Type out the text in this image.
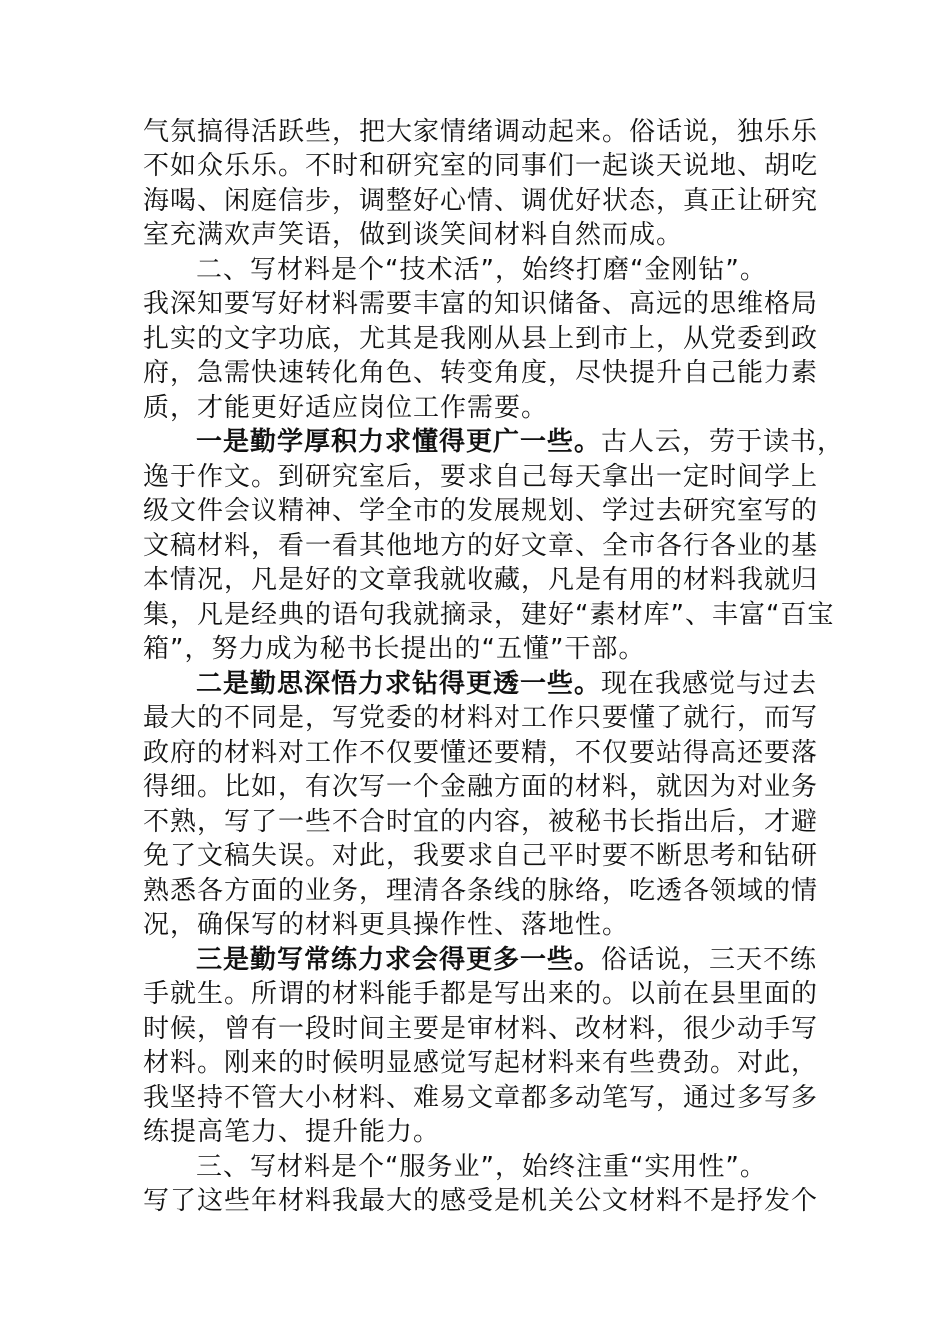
气氛搞得活跃些，把大家情绪调动起来。俗话说，独乐乐
不如众乐乐。不时和研究室的同事们一起谈天说地、胡吃
海喝、闲庭信步，调整好心情、调优好状态，真正让研究
室充满欢声笑语，做到谈笑间材料自然而成。
二、写材料是个“技术活”，始终打磨“金刚钻”。
我深知要写好材料需要丰富的知识储备、高远的思维格局
扎实的文字功底，尤其是我刚从县上到市上，从党委到政
府，急需快速转化角色、转变角度，尽快提升自己能力素
质，才能更好适应岗位工作需要。
一是勤学厚积力求懂得更广一些。古人云，劳于读书，
逸于作文。到研究室后，要求自己每天拿出一定时间学上
级文件会议精神、学全市的发展规划、学过去研究室写的
文稿材料，看一看其他地方的好文章、全市各行各业的基
本情况，凡是好的文章我就收藏，凡是有用的材料我就归
集，凡是经典的语句我就摘录，建好“素材库”、丰富“百宝
箱”，努力成为秘书长提出的“五懂”干部。
二是勤思深悟力求钻得更透一些。现在我感觉与过去
最大的不同是，写党委的材料对工作只要懂了就行，而写
政府的材料对工作不仅要懂还要精，不仅要站得高还要落
得细。比如，有次写一个金融方面的材料，就因为对业务
不熟，写了一些不合时宜的内容，被秘书长指出后，才避
免了文稿失误。对此，我要求自己平时要不断思考和钻研
熟悉各方面的业务，理清各条线的脉络，吃透各领域的情
况，确保写的材料更具操作性、落地性。
三是勤写常练力求会得更多一些。俗话说，三天不练
手就生。所谓的材料能手都是写出来的。以前在县里面的
时候，曾有一段时间主要是审材料、改材料，很少动手写
材料。刚来的时候明显感觉写起材料来有些费劲。对此，
我坚持不管大小材料、难易文章都多动笔写，通过多写多
练提高笔力、提升能力。
三、写材料是个“服务业”，始终注重“实用性”。
写了这些年材料我最大的感受是机关公文材料不是抒发个
